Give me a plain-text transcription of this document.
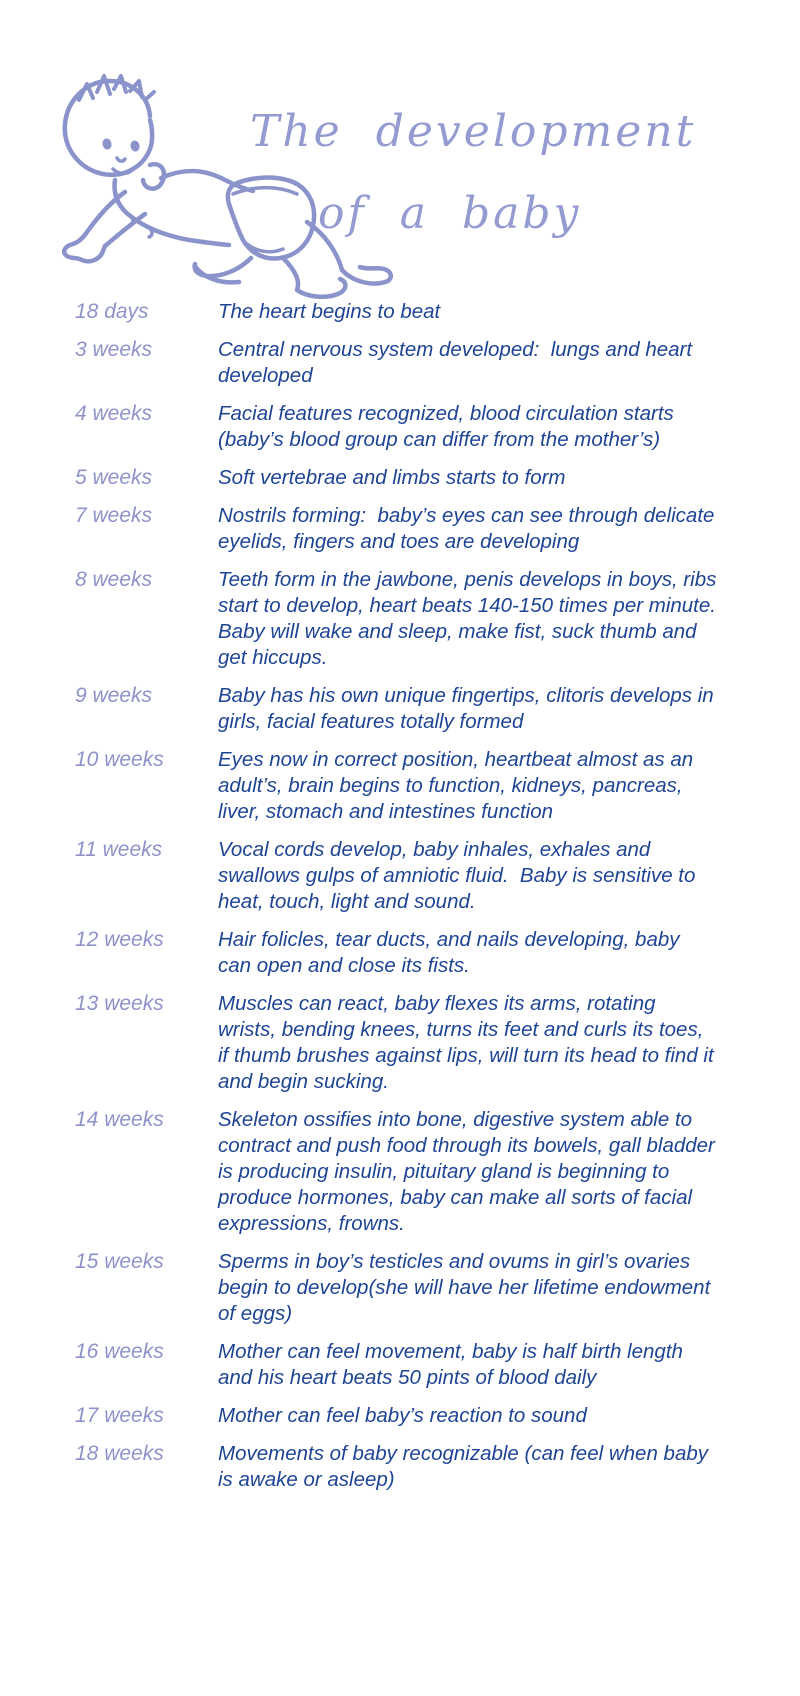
The development
of a baby
18 days	The heart begins to beat
3 weeks	Central nervous system developed:  lungs and heart developed
4 weeks	Facial features recognized, blood circulation starts (baby’s blood group can differ from the mother’s)
5 weeks	Soft vertebrae and limbs starts to form
7 weeks	Nostrils forming:  baby’s eyes can see through delicate eyelids, fingers and toes are developing
8 weeks	Teeth form in the jawbone, penis develops in boys, ribs start to develop, heart beats 140-150 times per minute.  Baby will wake and sleep, make fist, suck thumb and get hiccups.
9 weeks	Baby has his own unique fingertips, clitoris develops in girls, facial features totally formed
10 weeks	Eyes now in correct position, heartbeat almost as an adult’s, brain begins to function, kidneys, pancreas, liver, stomach and intestines function
11 weeks	Vocal cords develop, baby inhales, exhales and swallows gulps of amniotic fluid.  Baby is sensitive to heat, touch, light and sound.
12 weeks	Hair folicles, tear ducts, and nails developing, baby can open and close its fists.
13 weeks	Muscles can react, baby flexes its arms, rotating wrists, bending knees, turns its feet and curls its toes, if thumb brushes against lips, will turn its head to find it and begin sucking.
14 weeks	Skeleton ossifies into bone, digestive system able to contract and push food through its bowels, gall bladder is producing insulin, pituitary gland is beginning to produce hormones, baby can make all sorts of facial expressions, frowns.
15 weeks	Sperms in boy’s testicles and ovums in girl’s ovaries begin to develop(she will have her lifetime endowment of eggs)
16 weeks	Mother can feel movement, baby is half birth length and his heart beats 50 pints of blood daily
17 weeks	Mother can feel baby’s reaction to sound
18 weeks	Movements of baby recognizable (can feel when baby is awake or asleep)
